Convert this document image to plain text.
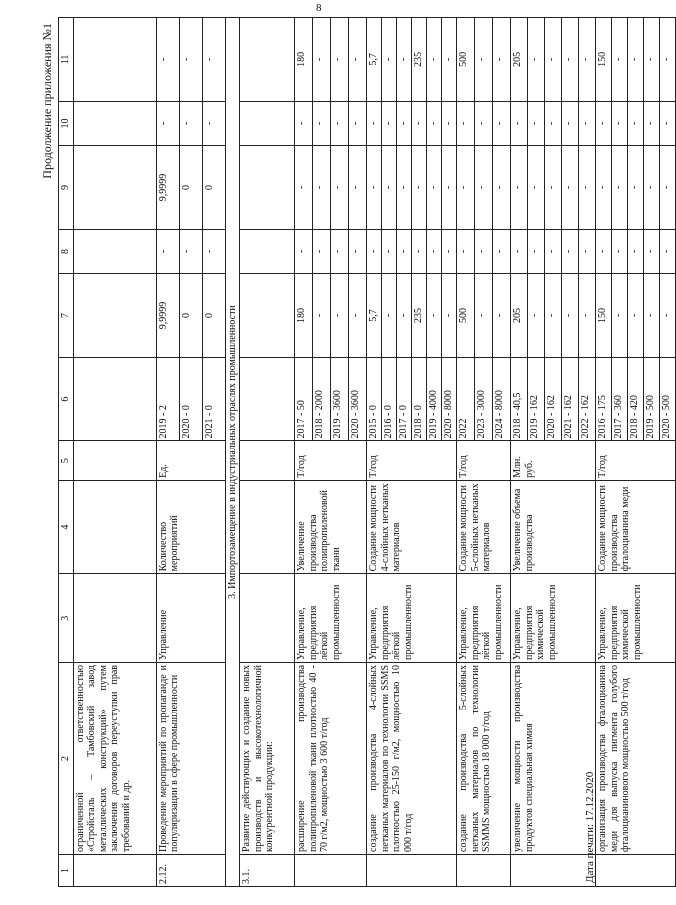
8
Продолжение приложения №1
1	2	3	4	5	6	7	8	9	10	11
	ограниченной ответственностью «Стройсталь – Тамбовский завод металлических конструкций» путем заключения договоров переуступки прав требований и др.									
2.12.	Проведение мероприятий по пропаганде и популяризации в сфере промышленности	Управление	Количество мероприятий	Ед.	2019 - 2	9,9999	-	9,9999	-	-
					2020 - 0	0	-	0	-	-
					2021 - 0	0	-	0	-	-
3. Импортозамещение в индустриальных отраслях промышленности										
3.1.	Развитие действующих и создание новых производств и высокотехнологичной конкурентной продукции:									
	расширение производства полипропиленовой ткани плотностью 40 - 70 г/м2, мощностью 3 600 т/год	Управление, предприятия лёгкой промышленности	Увеличение производства полипропиленовой ткани	Т/год	2017 - 50	180	-	-	-	180
					2018 - 2000	-	-	-	-	-
					2019 - 3600	-	-	-	-	-
					2020 - 3600	-	-	-	-	-
	создание производства 4-слойных нетканых материалов по технологии SSMS плотностью 25-150 г/м2, мощностью 10 000 т/год	Управление, предприятия лёгкой промышленности	Создание мощности 4-слойных нетканых материалов	Т/год	2015 - 0	5,7	-	-	-	5,7
					2016 - 0	-	-	-	-	-
					2017 - 0	-	-	-	-	-
					2018 - 0	235	-	-	-	235
					2019 - 4000	-	-	-	-	-
					2020 - 8000	-	-	-	-	-
	создание производства 5-слойных нетканых материалов по технологии SSMMS мощностью 18 000 т/год	Управление, предприятия лёгкой промышленности	Создание мощности 5-слойных нетканых материалов	Т/год	2022	500	-	-	-	500
					2023 - 3000	-	-	-	-	-
					2024 - 8000	-	-	-	-	-
	увеличение мощности производства продуктов специальная химия	Управление, предприятия химической промышленности	Увеличение объема производства	Млн. руб.	2018 - 40,5	205	-	-	-	205
					2019 - 162	-	-	-	-	-
					2020 - 162	-	-	-	-	-
					2021 - 162	-	-	-	-	-
					2022 - 162	-	-	-	-	-
	организация производства фталоцианина меди для выпуска пигмента голубого фталоцианинового мощностью 500 т/год	Управление, предприятия химической промышленности	Создание мощности производства фталоцианина меди	Т/год	2016 - 175	150	-	-	-	150
					2017 - 360	-	-	-	-	-
					2018 - 420	-	-	-	-	-
					2019 - 500	-	-	-	-	-
					2020 - 500	-	-	-	-	-
Дата печати: 17.12.2020
